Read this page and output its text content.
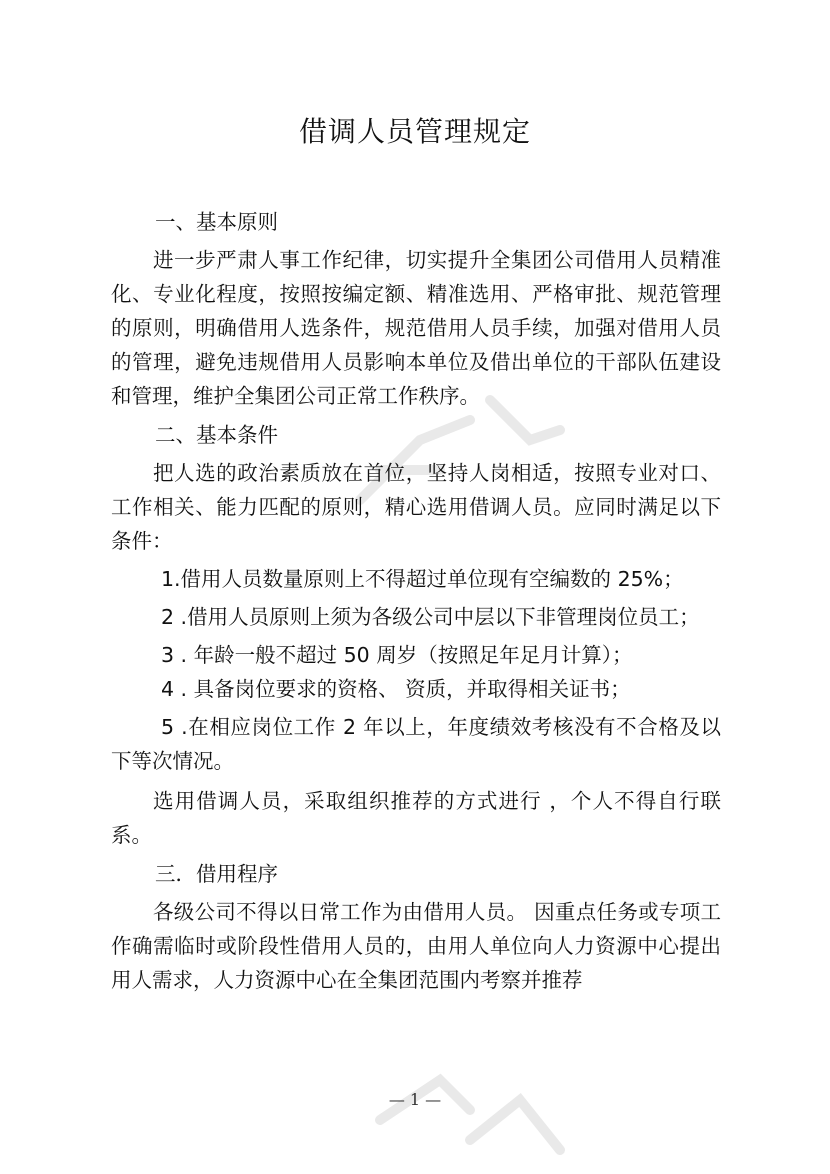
借调人员管理规定

一、基本原则

进一步严肃人事工作纪律，切实提升全集团公司借用人员精准化、专业化程度，按照按编定额、精准选用、严格审批、规范管理的原则，明确借用人选条件，规范借用人员手续，加强对借用人员的管理，避免违规借用人员影响本单位及借出单位的干部队伍建设和管理，维护全集团公司正常工作秩序。

二、基本条件

把人选的政治素质放在首位，坚持人岗相适，按照专业对口、工作相关、能力匹配的原则，精心选用借调人员。应同时满足以下条件：

1.借用人员数量原则上不得超过单位现有空编数的 25%；

2 .借用人员原则上须为各级公司中层以下非管理岗位员工；

3 . 年龄一般不超过 50 周岁（按照足年足月计算）；

4 . 具备岗位要求的资格、 资质，并取得相关证书；

5 .在相应岗位工作 2 年以上，年度绩效考核没有不合格及以下等次情况。

选用借调人员，采取组织推荐的方式进行 ，个人不得自行联系。

三．借用程序

各级公司不得以日常工作为由借用人员。 因重点任务或专项工作确需临时或阶段性借用人员的，由用人单位向人力资源中心提出用人需求，人力资源中心在全集团范围内考察并推荐

— 1 —
